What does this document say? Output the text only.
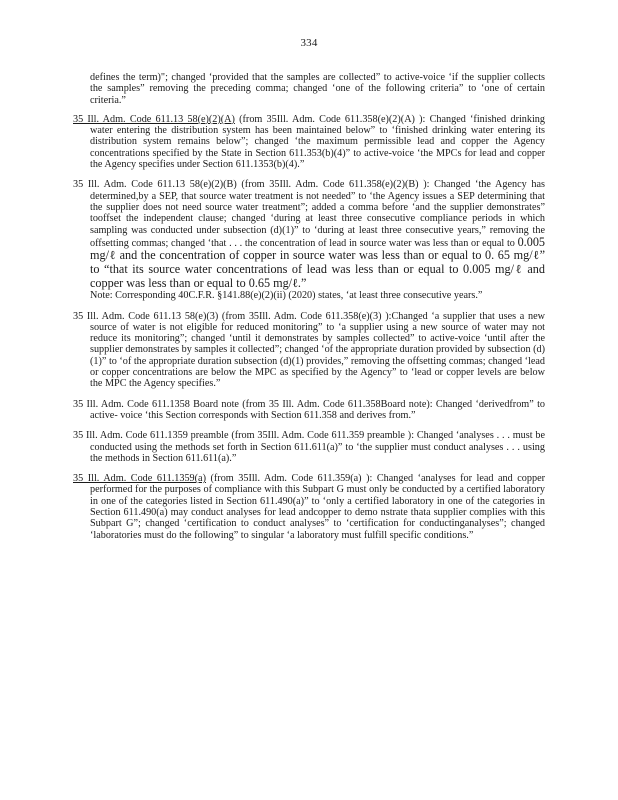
334

defines the term)"; changed ‘provided that the samples are collected” to active-voice ‘if the supplier collects the samples” removing the preceding comma; changed ‘one of the following criteria” to ‘one of certain criteria.”

35 Ill. Adm. Code 611.13 58(e)(2)(A) (from 35Ill. Adm. Code 611.358(e)(2)(A) ): Changed ‘finished drinking water entering the distribution system has been maintained below” to ‘finished drinking water entering its distribution system remains below”; changed ‘the maximum permissible lead and copper the Agency concentrations specified by the State in Section 611.353(b)(4)” to active-voice ‘the MPCs for lead and copper the Agency specifies under Section 611.1353(b)(4).”

35 Ill. Adm. Code 611.13 58(e)(2)(B) (from 35Ill. Adm. Code 611.358(e)(2)(B) ): Changed ‘the Agency has determined,by a SEP, that source water treatment is not needed” to ‘the Agency issues a SEP determining that the supplier does not need source water treatment”; added a comma before ‘and the supplier demonstrates” tooffset the independent clause; changed ‘during at least three consecutive compliance periods in which sampling was conducted under subsection (d)(1)” to ‘during at least three consecutive years,” removing the offsetting commas; changed ‘that . . . the concentration of lead in source water was less than or equal to 0.005 mg/ℓ and the concentration of copper in source water was less than or equal to 0. 65 mg/ℓ” to “that its source water concentrations of lead was less than or equal to 0.005 mg/ℓ and copper was less than or equal to 0.65 mg/ℓ.”
Note: Corresponding 40C.F.R. §141.88(e)(2)(ii) (2020) states, ‘at least three consecutive years.”

35 Ill. Adm. Code 611.13 58(e)(3) (from 35Ill. Adm. Code 611.358(e)(3) ):Changed ‘a supplier that uses a new source of water is not eligible for reduced monitoring” to ‘a supplier using a new source of water may not reduce its monitoring”; changed ‘until it demonstrates by samples collected” to active-voice ‘until after the supplier demonstrates by samples it collected”; changed ‘of the appropriate duration provided by subsection (d)(1)” to ‘of the appropriate duration subsection (d)(1) provides,” removing the offsetting commas; changed ‘lead or copper concentrations are below the MPC as specified by the Agency” to ‘lead or copper levels are below the MPC the Agency specifies.”

35 Ill. Adm. Code 611.1358 Board note (from 35 Ill. Adm. Code 611.358Board note): Changed ‘derivedfrom” to active- voice ‘this Section corresponds with Section 611.358 and derives from.”

35 Ill. Adm. Code 611.1359 preamble (from 35Ill. Adm. Code 611.359 preamble ): Changed ‘analyses . . . must be conducted using the methods set forth in Section 611.611(a)” to ‘the supplier must conduct analyses . . . using the methods in Section 611.611(a).”

35 Ill. Adm. Code 611.1359(a) (from 35Ill. Adm. Code 611.359(a) ): Changed ‘analyses for lead and copper performed for the purposes of compliance with this Subpart G must only be conducted by a certified laboratory in one of the categories listed in Section 611.490(a)” to ‘only a certified laboratory in one of the categories in Section 611.490(a) may conduct analyses for lead andcopper to demo nstrate thata supplier complies with this Subpart G”; changed ‘certification to conduct analyses” to ‘certification for conductinganalyses”; changed ‘laboratories must do the following” to singular ‘a laboratory must fulfill specific conditions.”
